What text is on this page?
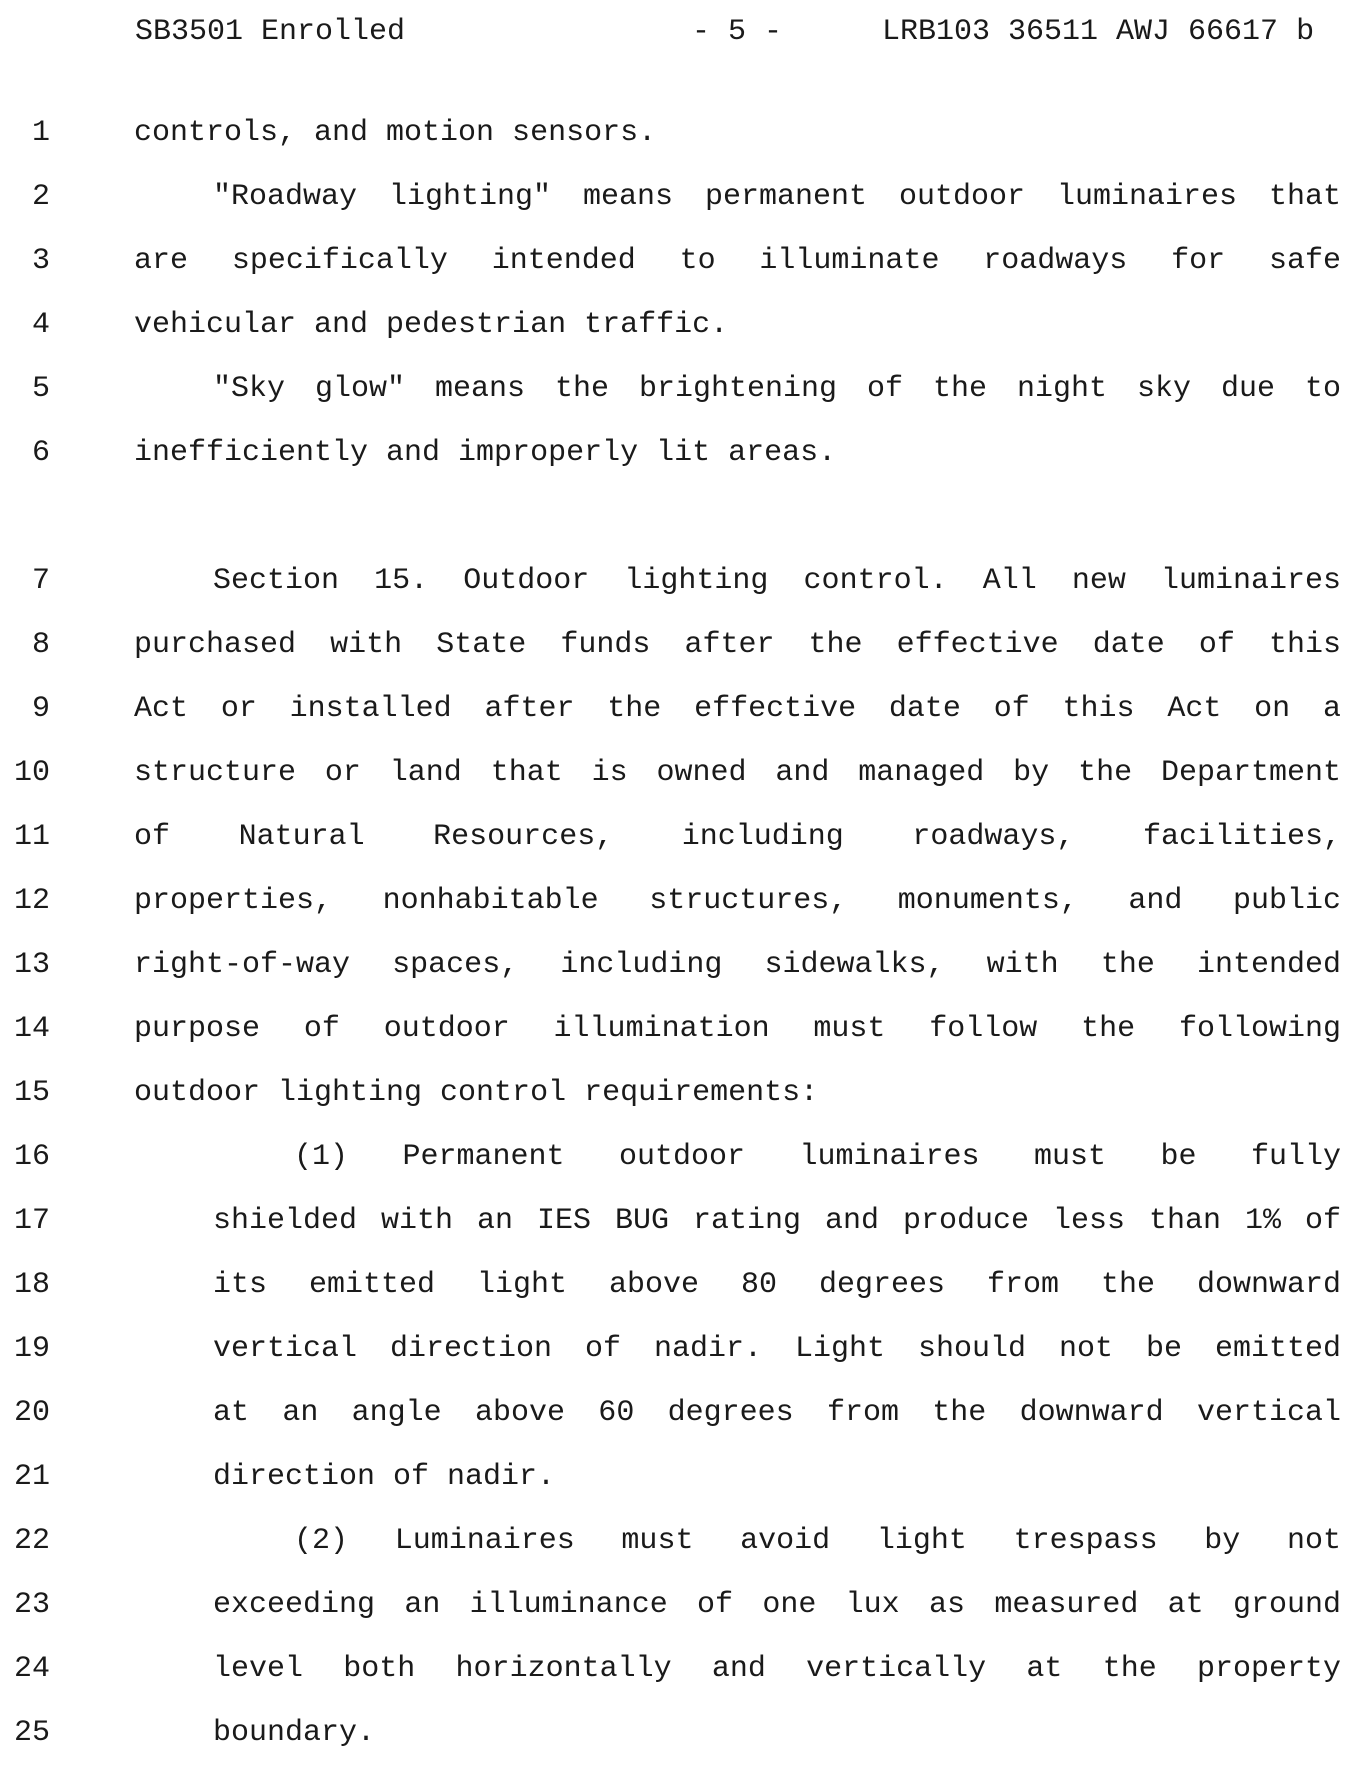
SB3501 Enrolled	- 5 -	LRB103 36511 AWJ 66617 b
1	controls, and motion sensors.
2	"Roadway lighting" means permanent outdoor luminaires that
3	are specifically intended to illuminate roadways for safe
4	vehicular and pedestrian traffic.
5	"Sky glow" means the brightening of the night sky due to
6	inefficiently and improperly lit areas.
7	Section 15. Outdoor lighting control. All new luminaires
8	purchased with State funds after the effective date of this
9	Act or installed after the effective date of this Act on a
10	structure or land that is owned and managed by the Department
11	of Natural Resources, including roadways, facilities,
12	properties, nonhabitable structures, monuments, and public
13	right-of-way spaces, including sidewalks, with the intended
14	purpose of outdoor illumination must follow the following
15	outdoor lighting control requirements:
16	(1) Permanent outdoor luminaires must be fully
17	shielded with an IES BUG rating and produce less than 1% of
18	its emitted light above 80 degrees from the downward
19	vertical direction of nadir. Light should not be emitted
20	at an angle above 60 degrees from the downward vertical
21	direction of nadir.
22	(2) Luminaires must avoid light trespass by not
23	exceeding an illuminance of one lux as measured at ground
24	level both horizontally and vertically at the property
25	boundary.
